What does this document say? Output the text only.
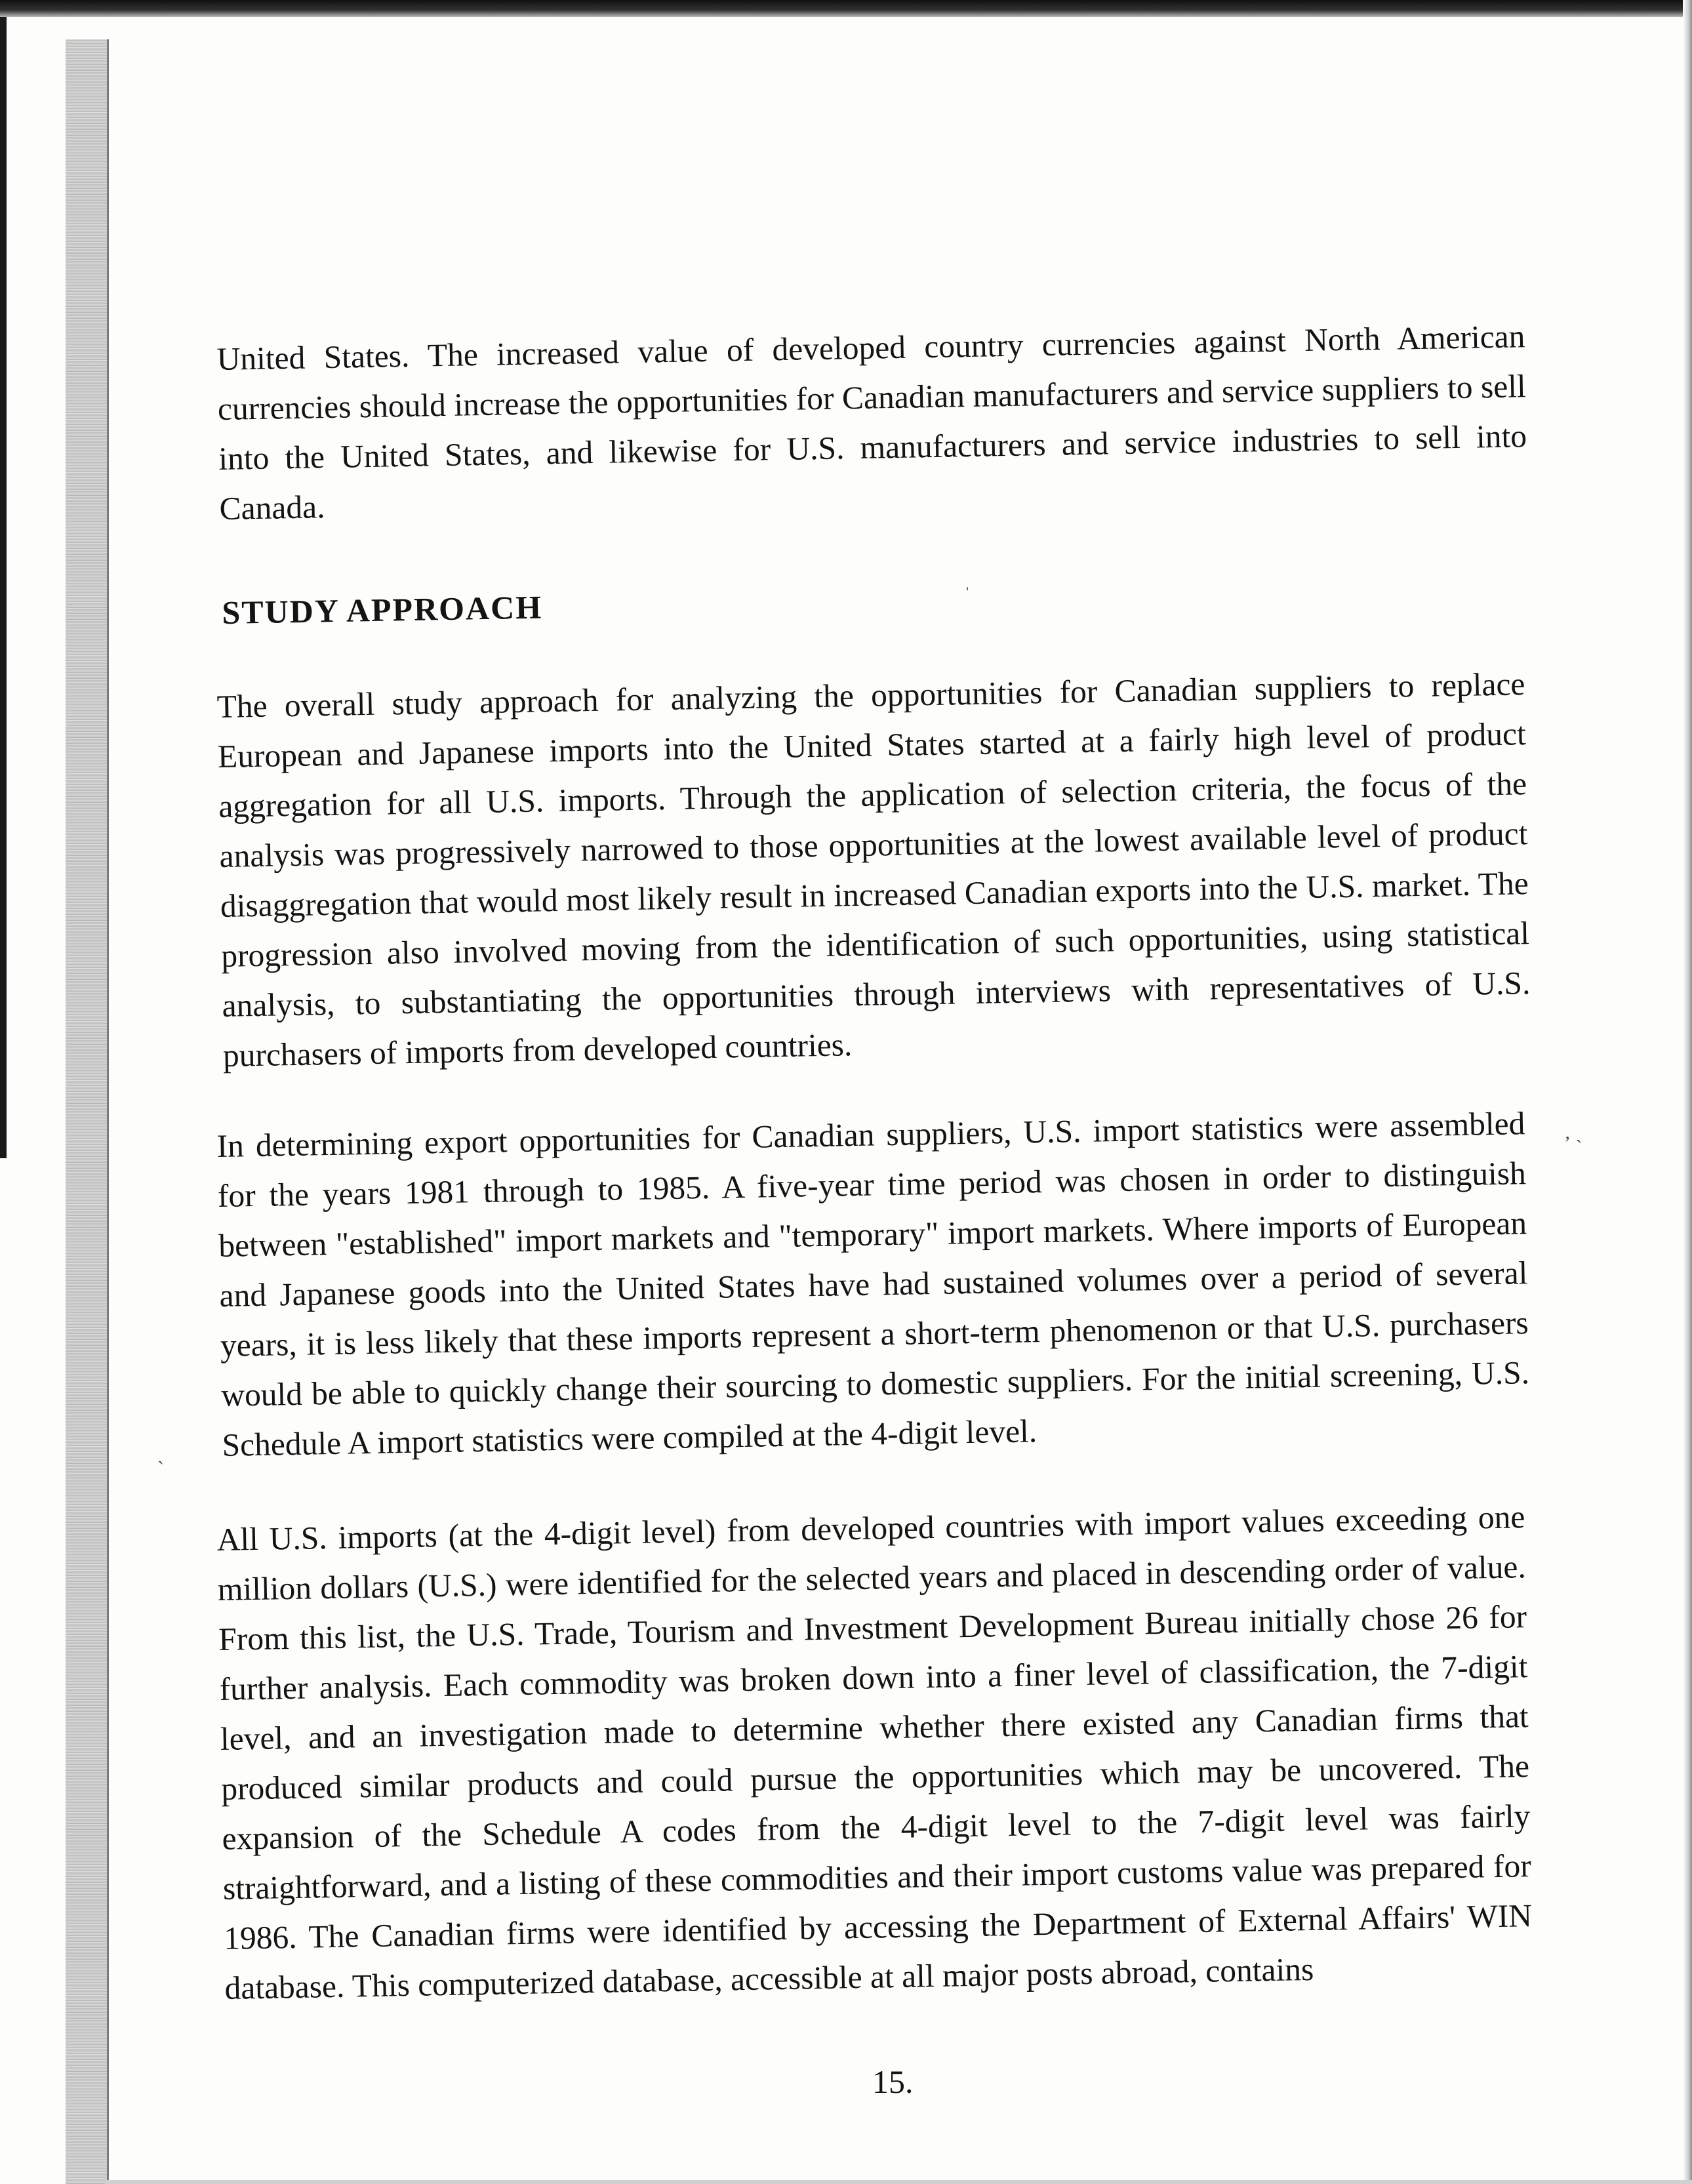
United States. The increased value of developed country currencies against North American currencies should increase the opportunities for Canadian manufacturers and service suppliers to sell into the United States, and likewise for U.S. manufacturers and service industries to sell into Canada.

STUDY APPROACH

The overall study approach for analyzing the opportunities for Canadian suppliers to replace European and Japanese imports into the United States started at a fairly high level of product aggregation for all U.S. imports. Through the application of selection criteria, the focus of the analysis was progressively narrowed to those opportunities at the lowest available level of product disaggregation that would most likely result in increased Canadian exports into the U.S. market. The progression also involved moving from the identification of such opportunities, using statistical analysis, to substantiating the opportunities through interviews with representatives of U.S. purchasers of imports from developed countries.

In determining export opportunities for Canadian suppliers, U.S. import statistics were assembled for the years 1981 through to 1985. A five-year time period was chosen in order to distinguish between "established" import markets and "temporary" import markets. Where imports of European and Japanese goods into the United States have had sustained volumes over a period of several years, it is less likely that these imports represent a short-term phenomenon or that U.S. purchasers would be able to quickly change their sourcing to domestic suppliers. For the initial screening, U.S. Schedule A import statistics were compiled at the 4-digit level.

All U.S. imports (at the 4-digit level) from developed countries with import values exceeding one million dollars (U.S.) were identified for the selected years and placed in descending order of value. From this list, the U.S. Trade, Tourism and Investment Development Bureau initially chose 26 for further analysis. Each commodity was broken down into a finer level of classification, the 7-digit level, and an investigation made to determine whether there existed any Canadian firms that produced similar products and could pursue the opportunities which may be uncovered. The expansion of the Schedule A codes from the 4-digit level to the 7-digit level was fairly straightforward, and a listing of these commodities and their import customs value was prepared for 1986. The Canadian firms were identified by accessing the Department of External Affairs' WIN database. This computerized database, accessible at all major posts abroad, contains

15.
ˈ
‚ ˏ
ˏ
